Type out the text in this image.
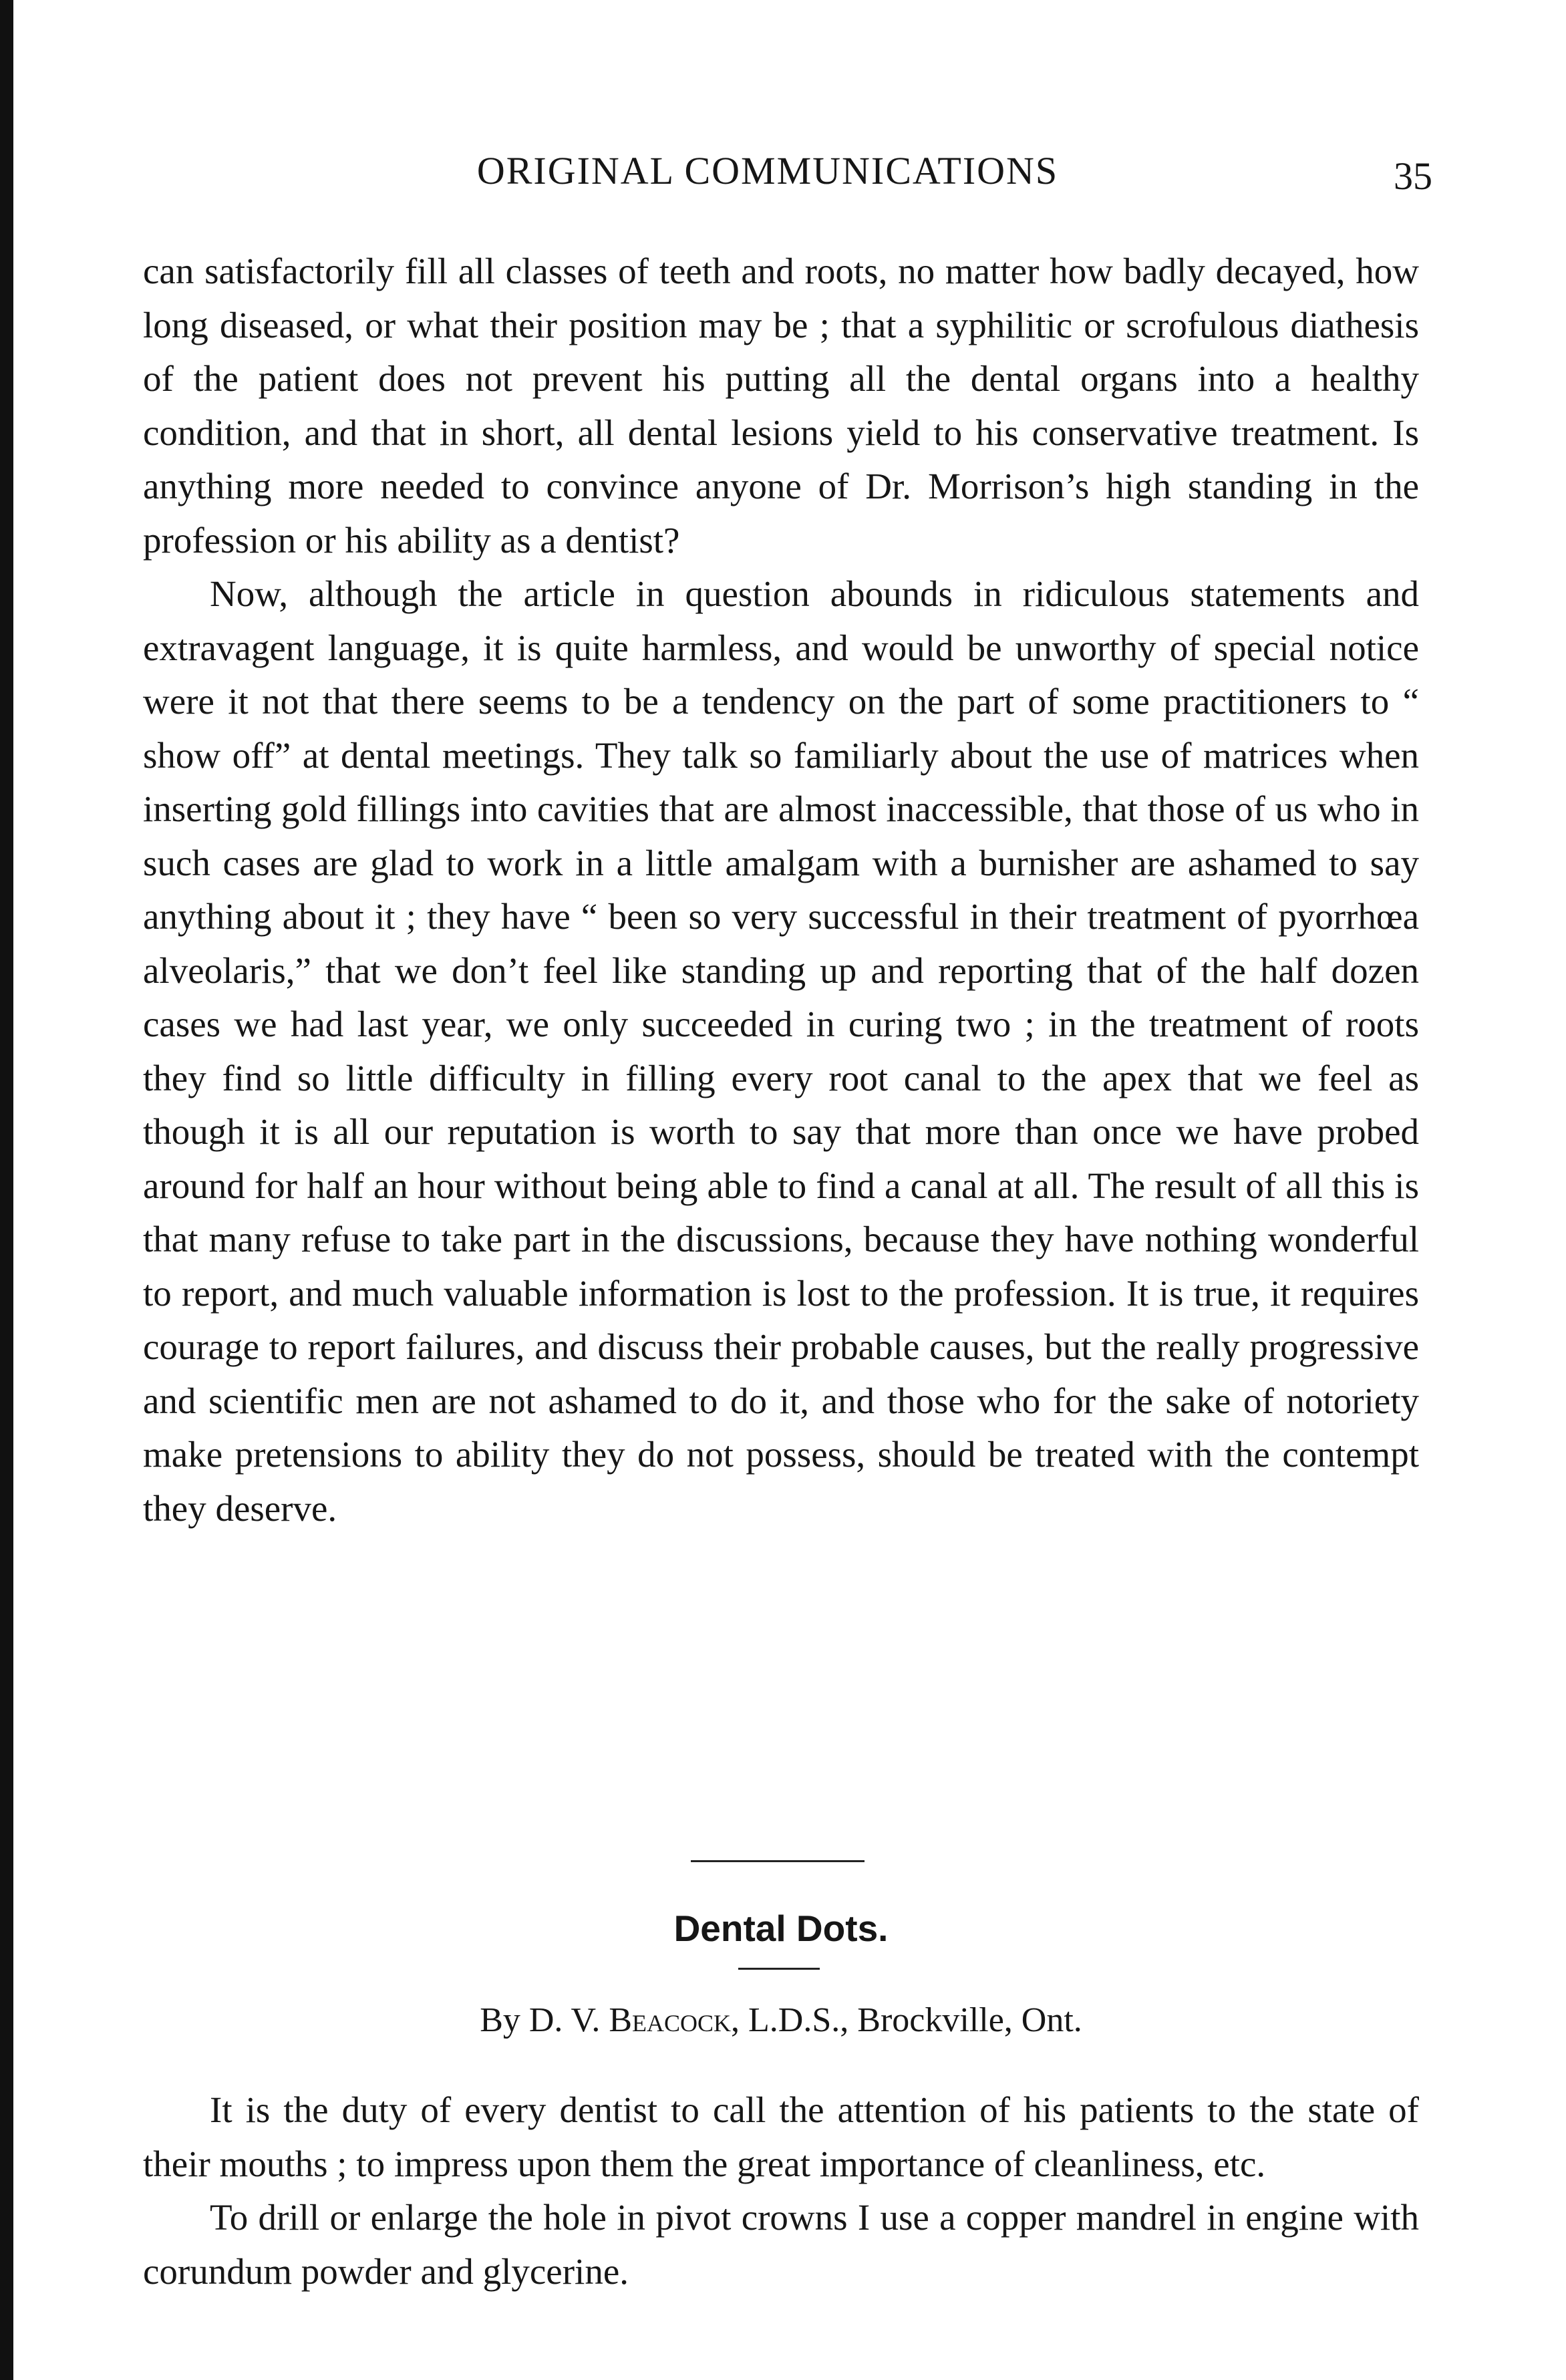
ORIGINAL COMMUNICATIONS	35

can satisfactorily fill all classes of teeth and roots, no matter how badly decayed, how long diseased, or what their position may be ; that a syphilitic or scrofulous diathesis of the patient does not prevent his putting all the dental organs into a healthy condition, and that in short, all dental lesions yield to his conservative treatment. Is anything more needed to convince anyone of Dr. Morrison’s high standing in the profession or his ability as a dentist?

Now, although the article in question abounds in ridiculous statements and extravagent language, it is quite harmless, and would be unworthy of special notice were it not that there seems to be a tendency on the part of some practitioners to “ show off” at dental meetings. They talk so familiarly about the use of matrices when inserting gold fillings into cavities that are almost inaccessible, that those of us who in such cases are glad to work in a little amalgam with a burnisher are ashamed to say anything about it ; they have “ been so very successful in their treatment of pyorrhœa alveolaris,” that we don’t feel like standing up and reporting that of the half dozen cases we had last year, we only succeeded in curing two ; in the treatment of roots they find so little difficulty in filling every root canal to the apex that we feel as though it is all our reputation is worth to say that more than once we have probed around for half an hour without being able to find a canal at all. The result of all this is that many refuse to take part in the discussions, because they have nothing wonderful to report, and much valuable information is lost to the profession. It is true, it requires courage to report failures, and discuss their probable causes, but the really progressive and scientific men are not ashamed to do it, and those who for the sake of notoriety make pretensions to ability they do not possess, should be treated with the contempt they deserve.

Dental Dots.
By D. V. Beacock, L.D.S., Brockville, Ont.

It is the duty of every dentist to call the attention of his patients to the state of their mouths ; to impress upon them the great importance of cleanliness, etc.

To drill or enlarge the hole in pivot crowns I use a copper mandrel in engine with corundum powder and glycerine.
